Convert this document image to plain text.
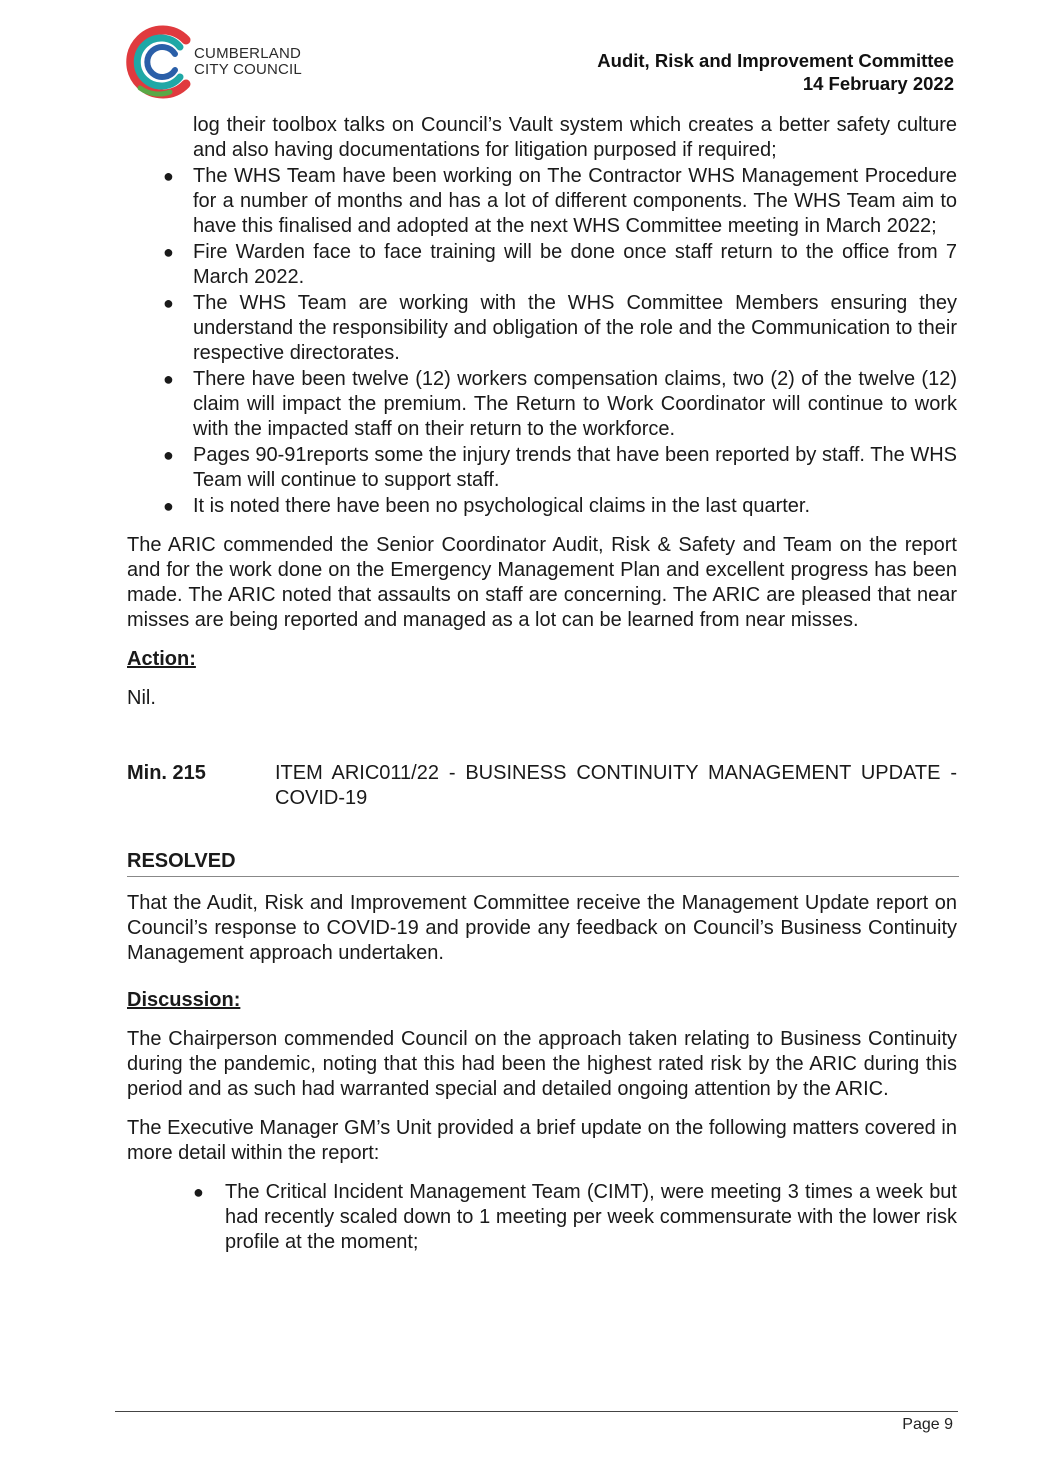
CUMBERLAND
CITY COUNCIL	Audit, Risk and Improvement Committee
14 February 2022
log their toolbox talks on Council’s Vault system which creates a better safety culture and also having documentations for litigation purposed if required;
● The WHS Team have been working on The Contractor WHS Management Procedure for a number of months and has a lot of different components. The WHS Team aim to have this finalised and adopted at the next WHS Committee meeting in March 2022;
● Fire Warden face to face training will be done once staff return to the office from 7 March 2022.
● The WHS Team are working with the WHS Committee Members ensuring they understand the responsibility and obligation of the role and the Communication to their respective directorates.
● There have been twelve (12) workers compensation claims, two (2) of the twelve (12) claim will impact the premium. The Return to Work Coordinator will continue to work with the impacted staff on their return to the workforce.
● Pages 90-91reports some the injury trends that have been reported by staff. The WHS Team will continue to support staff.
● It is noted there have been no psychological claims in the last quarter.

The ARIC commended the Senior Coordinator Audit, Risk & Safety and Team on the report and for the work done on the Emergency Management Plan and excellent progress has been made. The ARIC noted that assaults on staff are concerning. The ARIC are pleased that near misses are being reported and managed as a lot can be learned from near misses.

Action:

Nil.

Min. 215	ITEM ARIC011/22 - BUSINESS CONTINUITY MANAGEMENT UPDATE - COVID-19
RESOLVED

That the Audit, Risk and Improvement Committee receive the Management Update report on Council’s response to COVID-19 and provide any feedback on Council’s Business Continuity Management approach undertaken.

Discussion:

The Chairperson commended Council on the approach taken relating to Business Continuity during the pandemic, noting that this had been the highest rated risk by the ARIC during this period and as such had warranted special and detailed ongoing attention by the ARIC.

The Executive Manager GM’s Unit provided a brief update on the following matters covered in more detail within the report:

● The Critical Incident Management Team (CIMT), were meeting 3 times a week but had recently scaled down to 1 meeting per week commensurate with the lower risk profile at the moment;
Page 9
